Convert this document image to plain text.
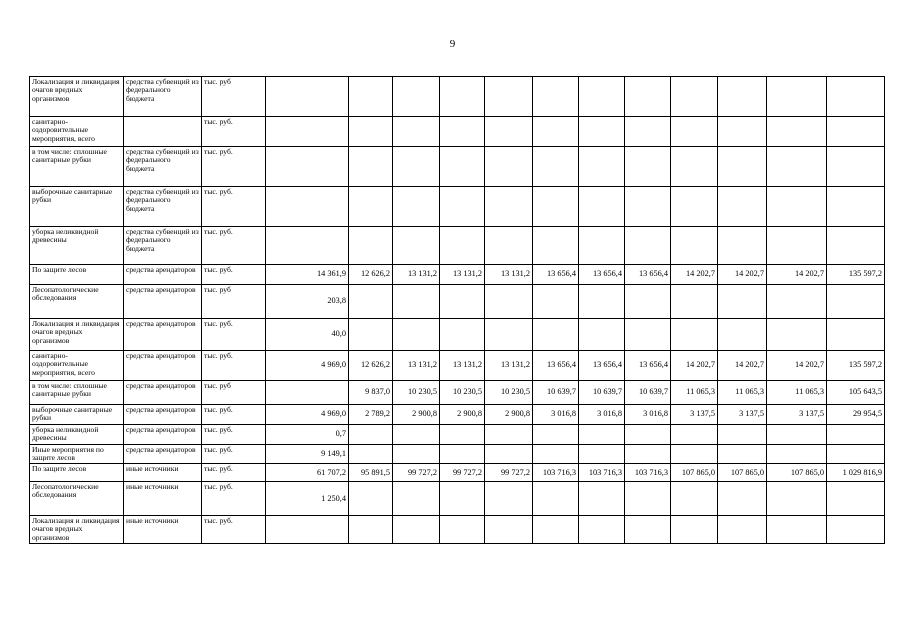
9
Локализация и ликвидация очагов вредных организмов	средства субвенций из федерального бюджета	тыс. руб													
санитарно-оздоровительные мероприятия, всего		тыс. руб.													
в том числе: сплошные санитарные рубки	средства субвенций из федерального бюджета	тыс. руб.													
выборочные санитарные рубки	средства субвенций из федерального бюджета	тыс. руб.													
уборка неликвидной древесины	средства субвенций из федерального бюджета	тыс. руб.													
По защите лесов	средства арендаторов	тыс. руб.	14 361,9	12 626,2	13 131,2	13 131,2	13 131,2	13 656,4	13 656,4	13 656,4	14 202,7	14 202,7	14 202,7	135 597,2	
Лесопатологические обследования	средства арендаторов	тыс. руб	203,8												
Локализация и ликвидация очагов вредных организмов	средства арендаторов	тыс. руб.	40,0												
санитарно-оздоровительные мероприятия, всего	средства арендаторов	тыс. руб.	4 969,0	12 626,2	13 131,2	13 131,2	13 131,2	13 656,4	13 656,4	13 656,4	14 202,7	14 202,7	14 202,7	135 597,2	
в том числе: сплошные санитарные рубки	средства арендаторов	тыс. руб		9 837,0	10 230,5	10 230,5	10 230,5	10 639,7	10 639,7	10 639,7	11 065,3	11 065,3	11 065,3	105 643,5	
выборочные санитарные рубки	средства арендаторов	тыс. руб.	4 969,0	2 789,2	2 900,8	2 900,8	2 900,8	3 016,8	3 016,8	3 016,8	3 137,5	3 137,5	3 137,5	29 954,5	
уборка неликвидной древесины	средства арендаторов	тыс. руб.	0,7												
Иные мероприятия по защите лесов	средства арендаторов	тыс. руб.	9 149,1												
По защите лесов	иные источники	тыс. руб.	61 707,2	95 891,5	99 727,2	99 727,2	99 727,2	103 716,3	103 716,3	103 716,3	107 865,0	107 865,0	107 865,0	1 029 816,9	
Лесопатологические обследования	иные источники	тыс. руб.	1 250,4												
Локализация и ликвидация очагов вредных организмов	иные источники	тыс. руб.													
